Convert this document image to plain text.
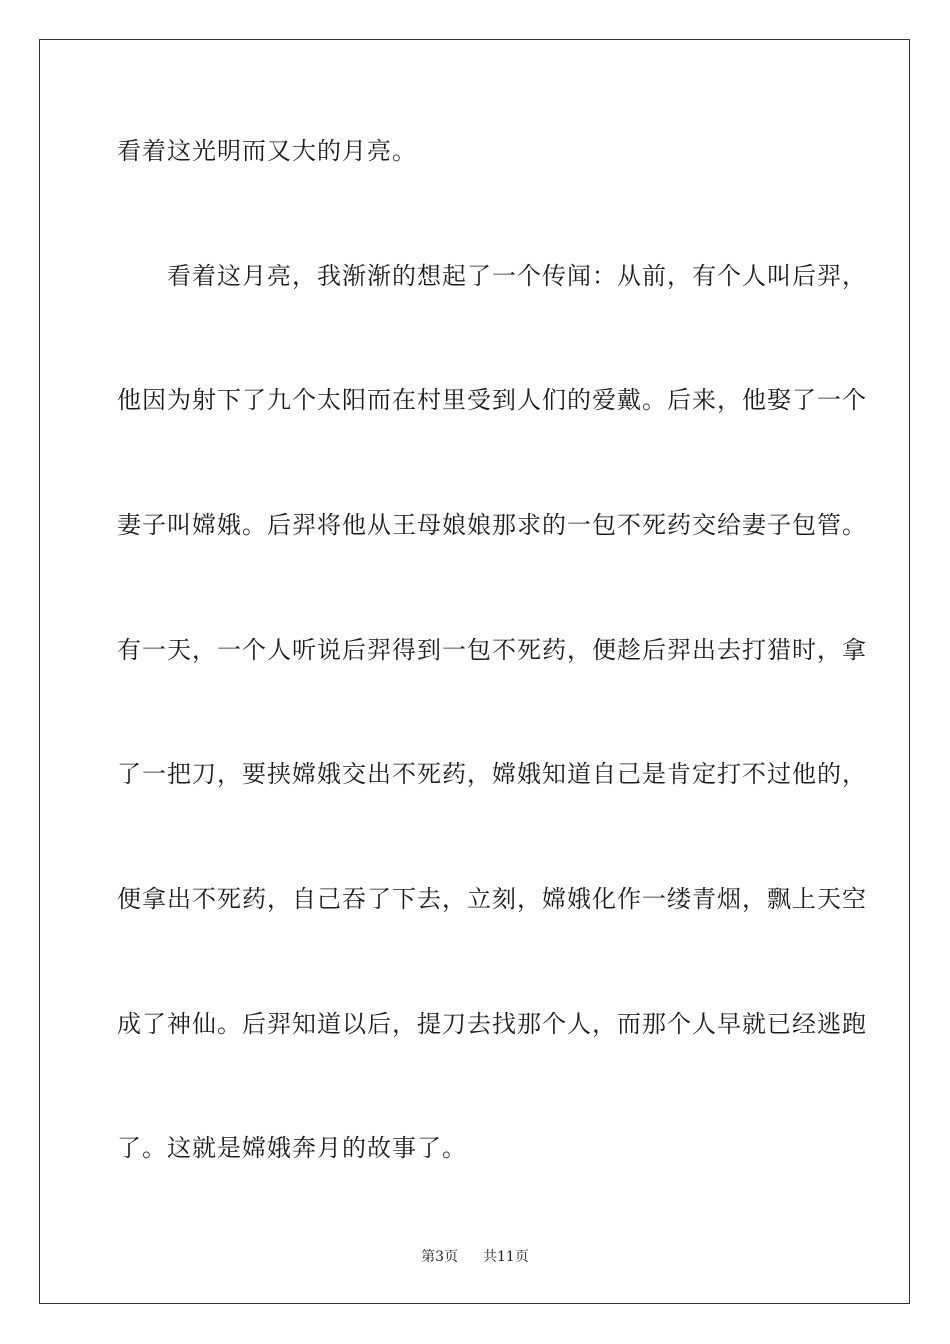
看着这光明而又大的月亮。
　　看着这月亮，我渐渐的想起了一个传闻：从前，有个人叫后羿，
他因为射下了九个太阳而在村里受到人们的爱戴。后来，他娶了一个
妻子叫嫦娥。后羿将他从王母娘娘那求的一包不死药交给妻子包管。
有一天，一个人听说后羿得到一包不死药，便趁后羿出去打猎时，拿
了一把刀，要挟嫦娥交出不死药，嫦娥知道自己是肯定打不过他的，
便拿出不死药，自己吞了下去，立刻，嫦娥化作一缕青烟，飘上天空
成了神仙。后羿知道以后，提刀去找那个人，而那个人早就已经逃跑
了。这就是嫦娥奔月的故事了。
第3页 共11页
